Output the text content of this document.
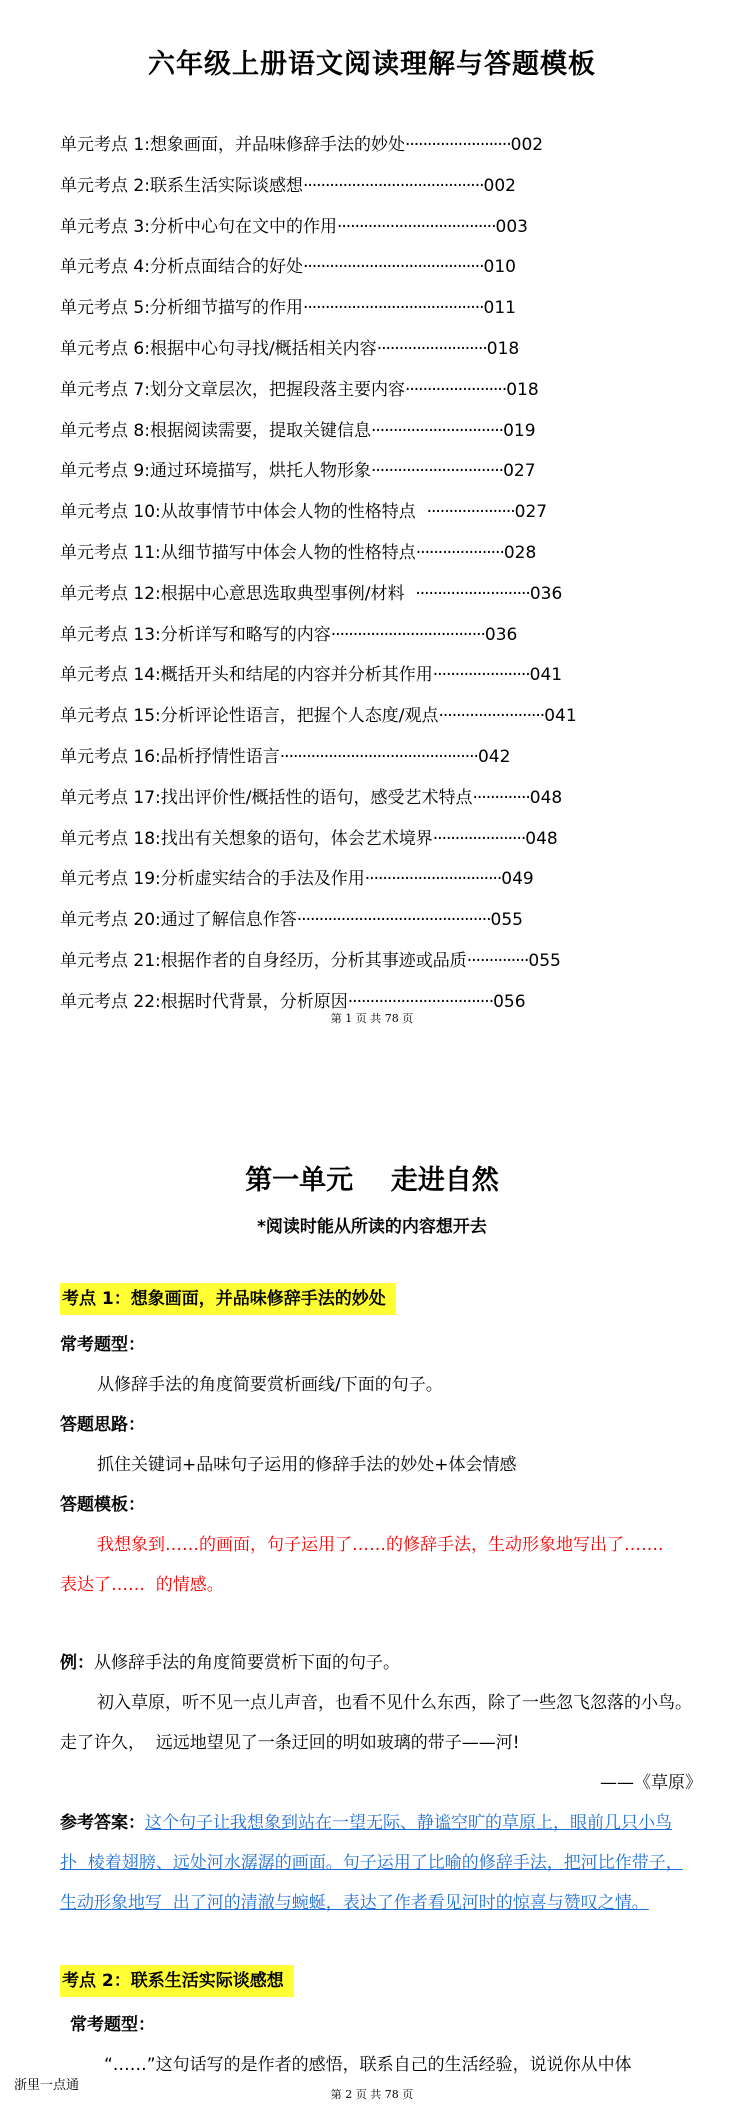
六年级上册语文阅读理解与答题模板
单元考点 1: 想象画面，并品味修辞手法的妙处 ························ 002
单元考点 2: 联系生活实际谈感想 ········································· 002
单元考点 3: 分析中心句在文中的作用 ···································· 003
单元考点 4: 分析点面结合的好处 ········································· 010
单元考点 5: 分析细节描写的作用 ········································· 011
单元考点 6: 根据中心句寻找/概括相关内容 ························· 018
单元考点 7: 划分文章层次，把握段落主要内容 ······················· 018
单元考点 8: 根据阅读需要，提取关键信息 ······························ 019
单元考点 9: 通过环境描写，烘托人物形象 ······························ 027
单元考点 10: 从故事情节中体会人物的性格特点 ···················· 027
单元考点 11: 从细节描写中体会人物的性格特点 ···················· 028
单元考点 12: 根据中心意思选取典型事例/材料 ·························· 036
单元考点 13: 分析详写和略写的内容 ··································· 036
单元考点 14: 概括开头和结尾的内容并分析其作用 ······················ 041
单元考点 15: 分析评论性语言，把握个人态度/观点 ························ 041
单元考点 16: 品析抒情性语言 ············································· 042
单元考点 17: 找出评价性/概括性的语句，感受艺术特点 ············· 048
单元考点 18: 找出有关想象的语句，体会艺术境界 ····················· 048
单元考点 19: 分析虚实结合的手法及作用 ······························· 049
单元考点 20: 通过了解信息作答 ············································ 055
单元考点 21: 根据作者的自身经历，分析其事迹或品质 ·············· 055
单元考点 22: 根据时代背景，分析原因 ································· 056
第 1 页 共 78 页
第一单元    走进自然
*阅读时能从所读的内容想开去
考点 1：想象画面，并品味修辞手法的妙处
常考题型：
从修辞手法的角度简要赏析画线/下面的句子。
答题思路：
抓住关键词+品味句子运用的修辞手法的妙处+体会情感
答题模板：
我想象到……的画面，句子运用了……的修辞手法，生动形象地写出了…….
表达了……  的情感。
例：从修辞手法的角度简要赏析下面的句子。
初入草原，听不见一点儿声音，也看不见什么东西，除了一些忽飞忽落的小鸟。
走了许久，  远远地望见了一条迂回的明如玻璃的带子——河!
——《草原》
参考答案：这个句子让我想象到站在一望无际、静谧空旷的草原上，眼前几只小鸟
扑  棱着翅膀、远处河水潺潺的画面。句子运用了比喻的修辞手法，把河比作带子，
生动形象地写  出了河的清澈与蜿蜒，表达了作者看见河时的惊喜与赞叹之情。
考点 2：联系生活实际谈感想
常考题型：
“……”这句话写的是作者的感悟，联系自己的生活经验，说说你从中体
第 2 页 共 78 页
浙里一点通
